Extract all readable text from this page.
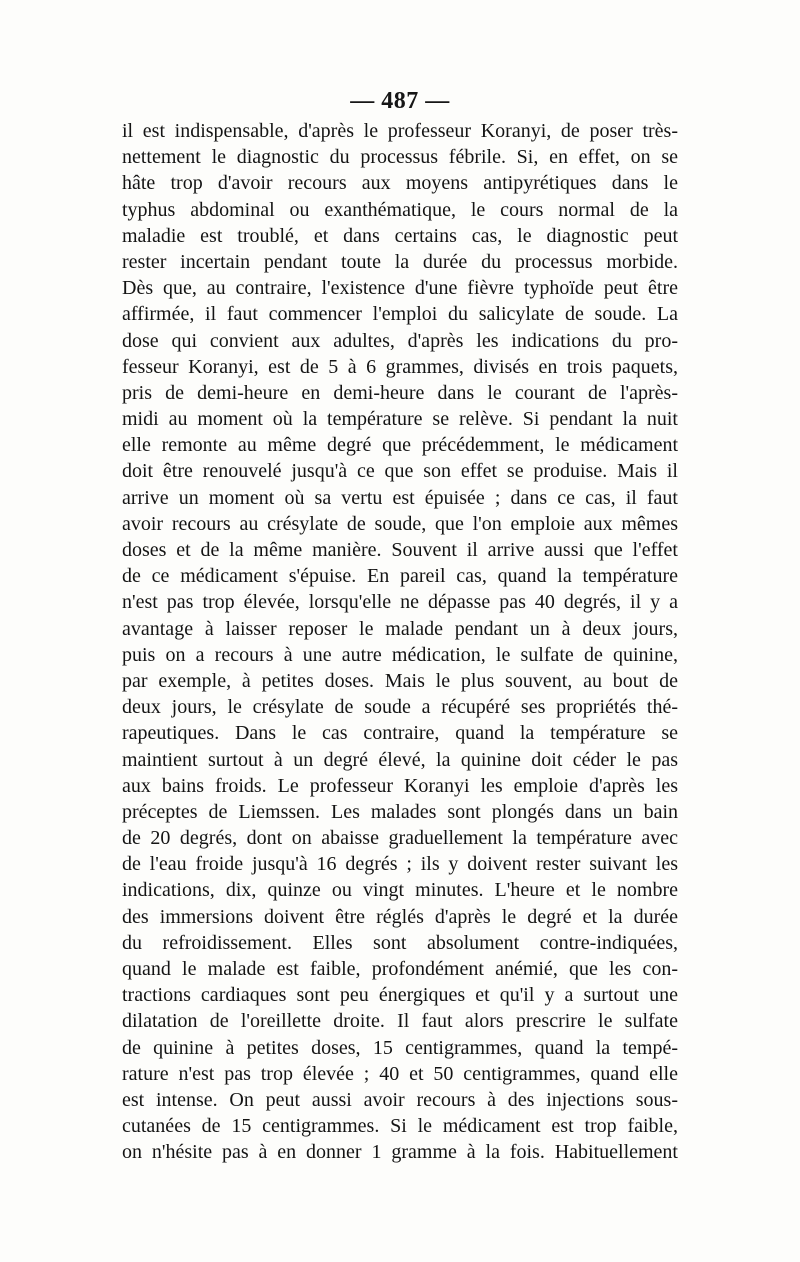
— 487 —
il est indispensable, d'après le professeur Koranyi, de poser très-
nettement le diagnostic du processus fébrile. Si, en effet, on se
hâte trop d'avoir recours aux moyens antipyrétiques dans le
typhus abdominal ou exanthématique, le cours normal de la
maladie est troublé, et dans certains cas, le diagnostic peut
rester incertain pendant toute la durée du processus morbide.
Dès que, au contraire, l'existence d'une fièvre typhoïde peut être
affirmée, il faut commencer l'emploi du salicylate de soude. La
dose qui convient aux adultes, d'après les indications du pro-
fesseur Koranyi, est de 5 à 6 grammes, divisés en trois paquets,
pris de demi-heure en demi-heure dans le courant de l'après-
midi au moment où la température se relève. Si pendant la nuit
elle remonte au même degré que précédemment, le médicament
doit être renouvelé jusqu'à ce que son effet se produise. Mais il
arrive un moment où sa vertu est épuisée ; dans ce cas, il faut
avoir recours au crésylate de soude, que l'on emploie aux mêmes
doses et de la même manière. Souvent il arrive aussi que l'effet
de ce médicament s'épuise. En pareil cas, quand la température
n'est pas trop élevée, lorsqu'elle ne dépasse pas 40 degrés, il y a
avantage à laisser reposer le malade pendant un à deux jours,
puis on a recours à une autre médication, le sulfate de quinine,
par exemple, à petites doses. Mais le plus souvent, au bout de
deux jours, le crésylate de soude a récupéré ses propriétés thé-
rapeutiques. Dans le cas contraire, quand la température se
maintient surtout à un degré élevé, la quinine doit céder le pas
aux bains froids. Le professeur Koranyi les emploie d'après les
préceptes de Liemssen. Les malades sont plongés dans un bain
de 20 degrés, dont on abaisse graduellement la température avec
de l'eau froide jusqu'à 16 degrés ; ils y doivent rester suivant les
indications, dix, quinze ou vingt minutes. L'heure et le nombre
des immersions doivent être réglés d'après le degré et la durée
du refroidissement. Elles sont absolument contre-indiquées,
quand le malade est faible, profondément anémié, que les con-
tractions cardiaques sont peu énergiques et qu'il y a surtout une
dilatation de l'oreillette droite. Il faut alors prescrire le sulfate
de quinine à petites doses, 15 centigrammes, quand la tempé-
rature n'est pas trop élevée ; 40 et 50 centigrammes, quand elle
est intense. On peut aussi avoir recours à des injections sous-
cutanées de 15 centigrammes. Si le médicament est trop faible,
on n'hésite pas à en donner 1 gramme à la fois. Habituellement
